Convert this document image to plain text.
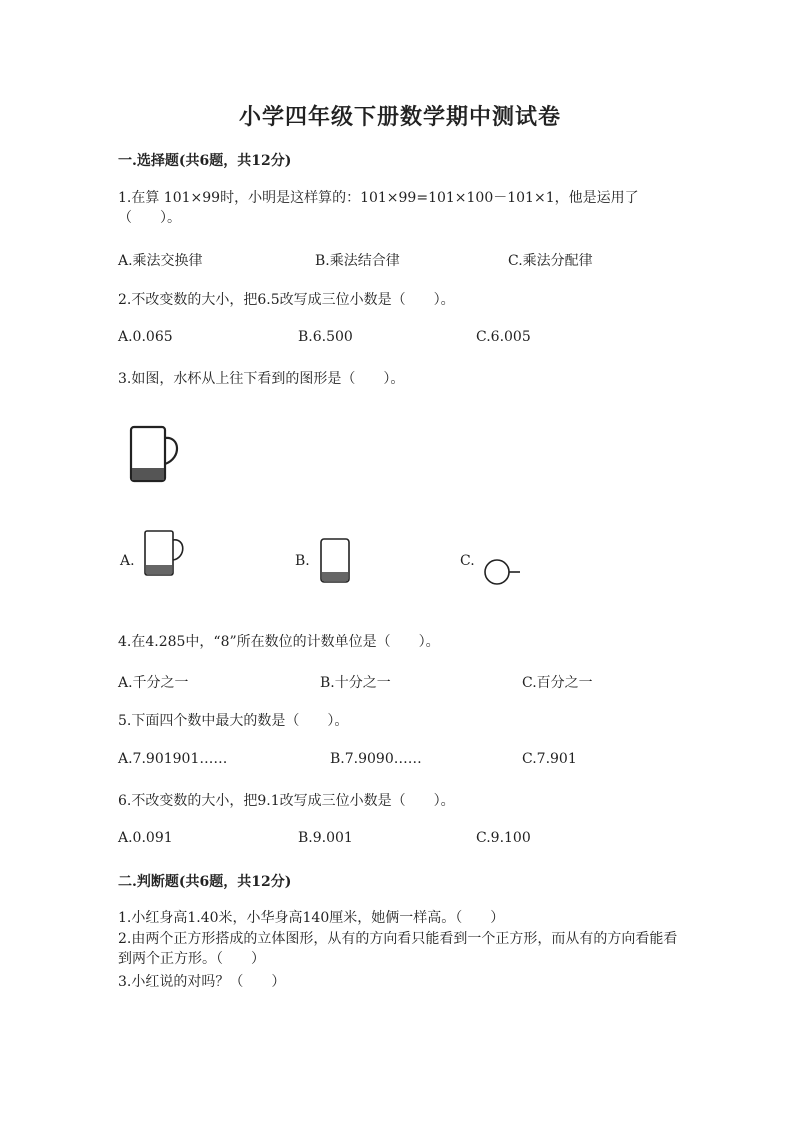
小学四年级下册数学期中测试卷
一.选择题(共6题，共12分)
1.在算 101×99时，小明是这样算的：101×99=101×100－101×1，他是运用了（　　）。
A.乘法交换律	B.乘法结合律	C.乘法分配律
2.不改变数的大小，把6.5改写成三位小数是（　　）。
A.0.065	B.6.500	C.6.005
3.如图，水杯从上往下看到的图形是（　　）。
A.	B.	C.
4.在4.285中，“8”所在数位的计数单位是（　　）。
A.千分之一	B.十分之一	C.百分之一
5.下面四个数中最大的数是（　　）。
A.7.901901……	B.7.9090……	C.7.901
6.不改变数的大小，把9.1改写成三位小数是（　　）。
A.0.091	B.9.001	C.9.100
二.判断题(共6题，共12分)
1.小红身高1.40米，小华身高140厘米，她俩一样高。（　　）
2.由两个正方形搭成的立体图形，从有的方向看只能看到一个正方形，而从有的方向看能看到两个正方形。（　　）
3.小红说的对吗？（　　）
